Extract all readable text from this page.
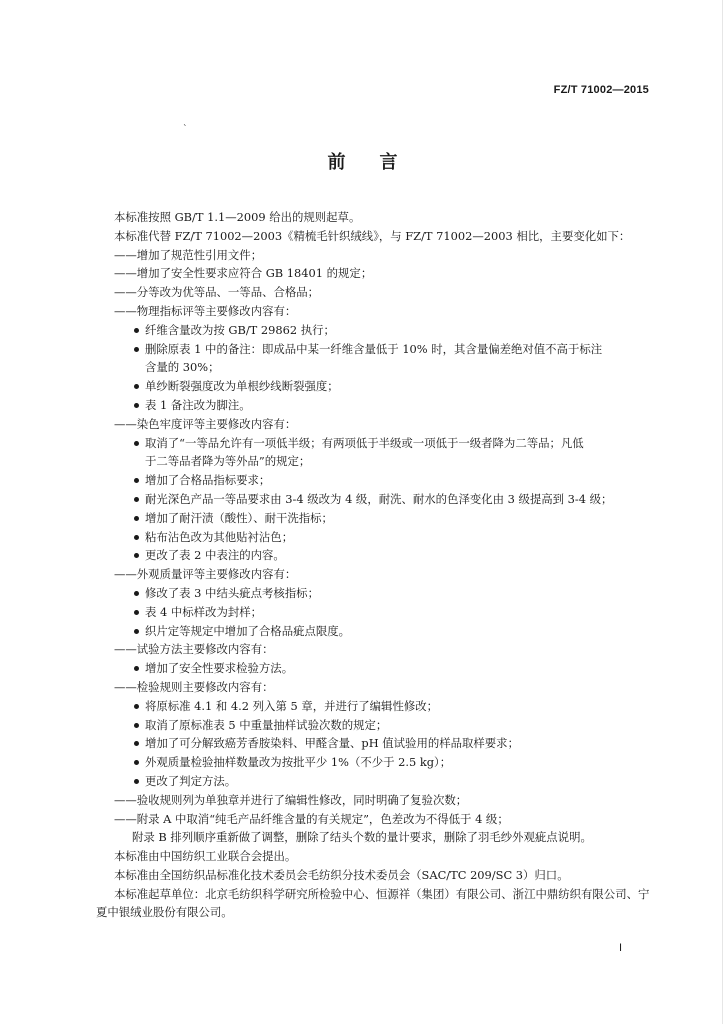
FZ/T 71002—2015
`
前言
本标准按照 GB/T 1.1—2009 给出的规则起草。
本标准代替 FZ/T 71002—2003《精梳毛针织绒线》，与 FZ/T 71002—2003 相比，主要变化如下：
——增加了规范性引用文件；
——增加了安全性要求应符合 GB 18401 的规定；
——分等改为优等品、一等品、合格品；
——物理指标评等主要修改内容有：
纤维含量改为按 GB/T 29862 执行；
删除原表 1 中的备注：即成品中某一纤维含量低于 10% 时，其含量偏差绝对值不高于标注
含量的 30%；
单纱断裂强度改为单根纱线断裂强度；
表 1 备注改为脚注。
——染色牢度评等主要修改内容有：
取消了“一等品允许有一项低半级；有两项低于半级或一项低于一级者降为二等品；凡低
于二等品者降为等外品”的规定；
增加了合格品指标要求；
耐光深色产品一等品要求由 3-4 级改为 4 级，耐洗、耐水的色泽变化由 3 级提高到 3-4 级；
增加了耐汗渍（酸性）、耐干洗指标；
粘布沾色改为其他贴衬沾色；
更改了表 2 中表注的内容。
——外观质量评等主要修改内容有：
修改了表 3 中结头疵点考核指标；
表 4 中标样改为封样；
织片定等规定中增加了合格品疵点限度。
——试验方法主要修改内容有：
增加了安全性要求检验方法。
——检验规则主要修改内容有：
将原标准 4.1 和 4.2 列入第 5 章，并进行了编辑性修改；
取消了原标准表 5 中重量抽样试验次数的规定；
增加了可分解致癌芳香胺染料、甲醛含量、pH 值试验用的样品取样要求；
外观质量检验抽样数量改为按批平少 1%（不少于 2.5 kg）；
更改了判定方法。
——验收规则列为单独章并进行了编辑性修改，同时明确了复验次数；
——附录 A 中取消“纯毛产品纤维含量的有关规定”，色差改为不得低于 4 级；
附录 B 排列顺序重新做了调整，删除了结头个数的量计要求，删除了羽毛纱外观疵点说明。
本标准由中国纺织工业联合会提出。
本标准由全国纺织品标准化技术委员会毛纺织分技术委员会（SAC/TC 209/SC 3）归口。
本标准起草单位：北京毛纺织科学研究所检验中心、恒源祥（集团）有限公司、浙江中鼎纺织有限公司、宁夏中银绒业股份有限公司。
I
